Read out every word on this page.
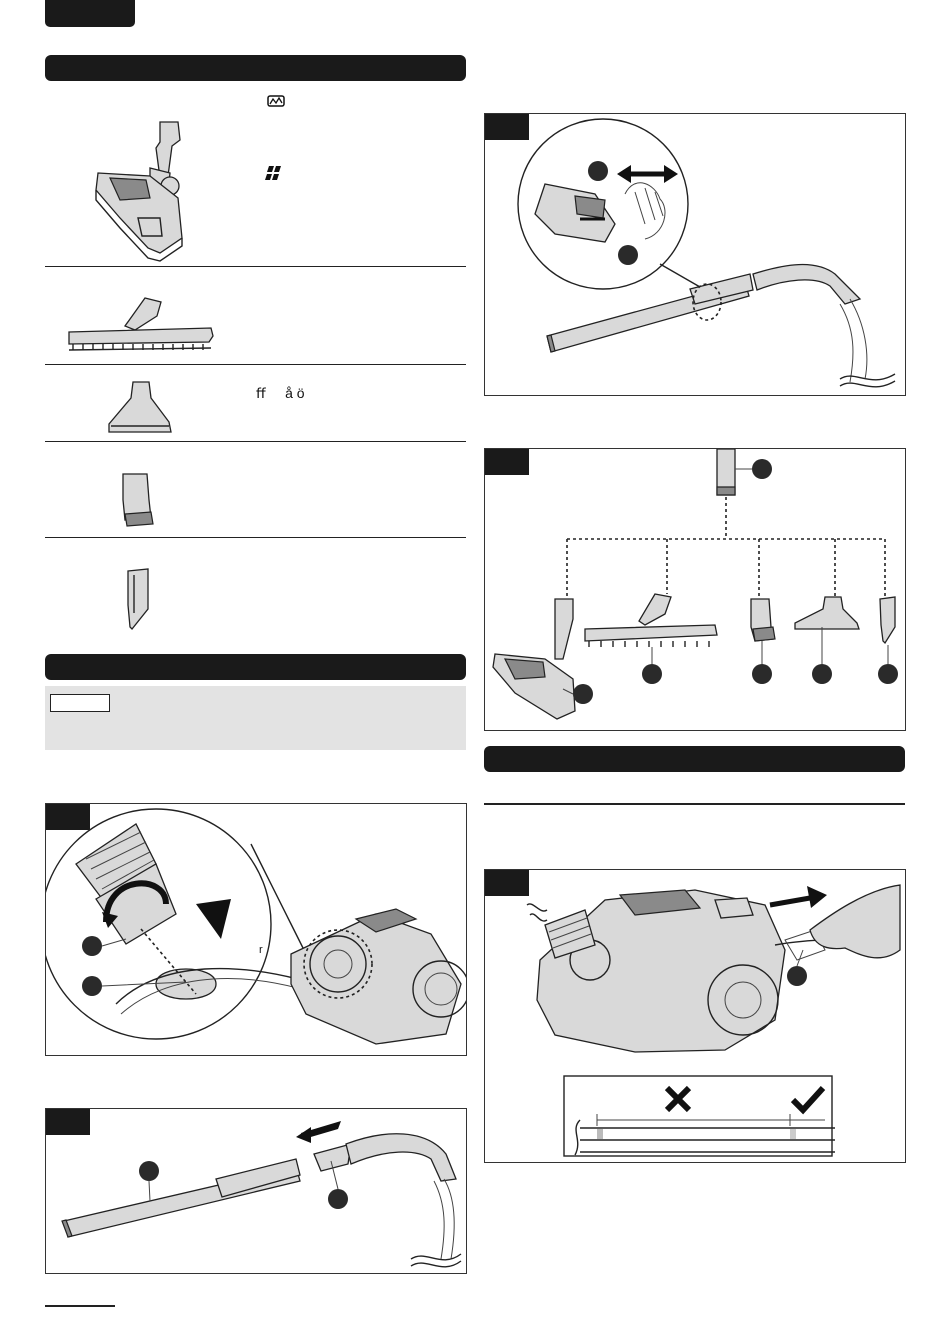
ﬀ     å ö
r
